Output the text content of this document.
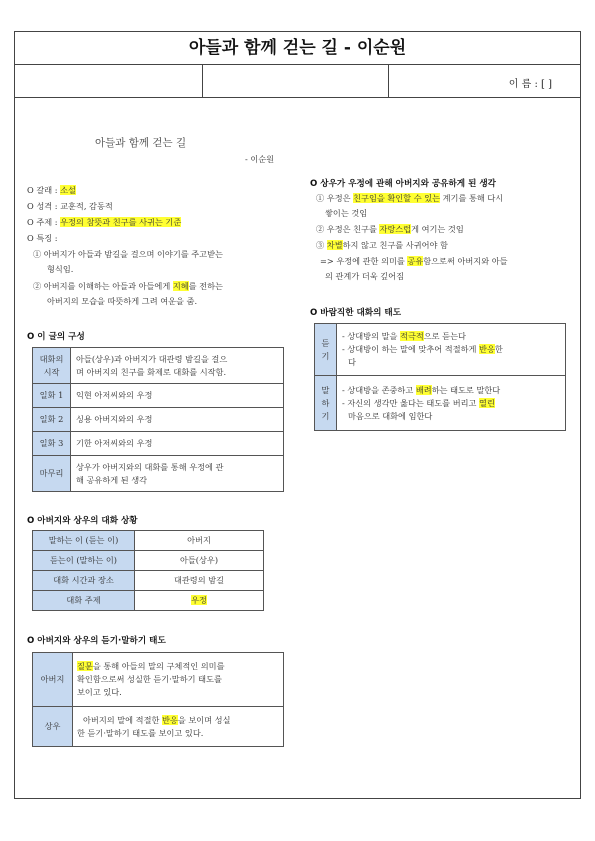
아들과 함께 걷는 길 - 이순원
이 름 : [ ]
아들과 함께 걷는 길
- 이순원
O 갈래 : 소설
O 성격 : 교훈적, 감동적
O 주제 : 우정의 참뜻과 친구를 사귀는 기준
O 특징 :
① 아버지가 아들과 밤길을 걸으며 이야기를 주고받는
형식임.
② 아버지를 이해하는 아들과 아들에게 지혜를 전하는
아버지의 모습을 따뜻하게 그려 여운을 줌.
O 이 글의 구성
대화의
시작	아들(상우)과 아버지가 대관령 밤길을 걸으
며 아버지의 친구를 화제로 대화를 시작함.
일화 1	익현 아저씨와의 우정
일화 2	싱용 아버지와의 우정
일화 3	기한 아저씨와의 우정
마무리	상우가 아버지와의 대화를 통해 우정에 관
해 공유하게 된 생각
O 아버지와 상우의 대화 상황
말하는 이 (듣는 이)	아버지
듣는이 (말하는 이)	아들(상우)
대화 시간과 장소	대관령의 밤길
대화 주제	우정
O 아버지와 상우의 듣기·말하기 태도
아버지	질문을 통해 아들의 말의 구체적인 의미를
확인함으로써 성실한 듣기·말하기 태도를
보이고 있다.
상우	아버지의 말에 적절한 반응을 보이며 성실
한 듣기·말하기 태도를 보이고 있다.
O 상우가 우정에 관해 아버지와 공유하게 된 생각
① 우정은 친구임을 확인할 수 있는 계기를 통해 다시
쌓이는 것임
② 우정은 친구를 자랑스럽게 여기는 것임
③ 차별하지 않고 친구를 사귀어야 함
=> 우정에 관한 의미를 공유함으로써 아버지와 아들
의 관계가 더욱 깊어짐
O 바람직한 대화의 태도
듣
기	- 상대방의 말을 적극적으로 듣는다
- 상대방이 하는 말에 맞추어 적절하게 반응한
다
말
하
기	- 상대방을 존중하고 배려하는 태도로 말한다
- 자신의 생각만 옳다는 태도를 버리고 열린
마음으로 대화에 임한다
